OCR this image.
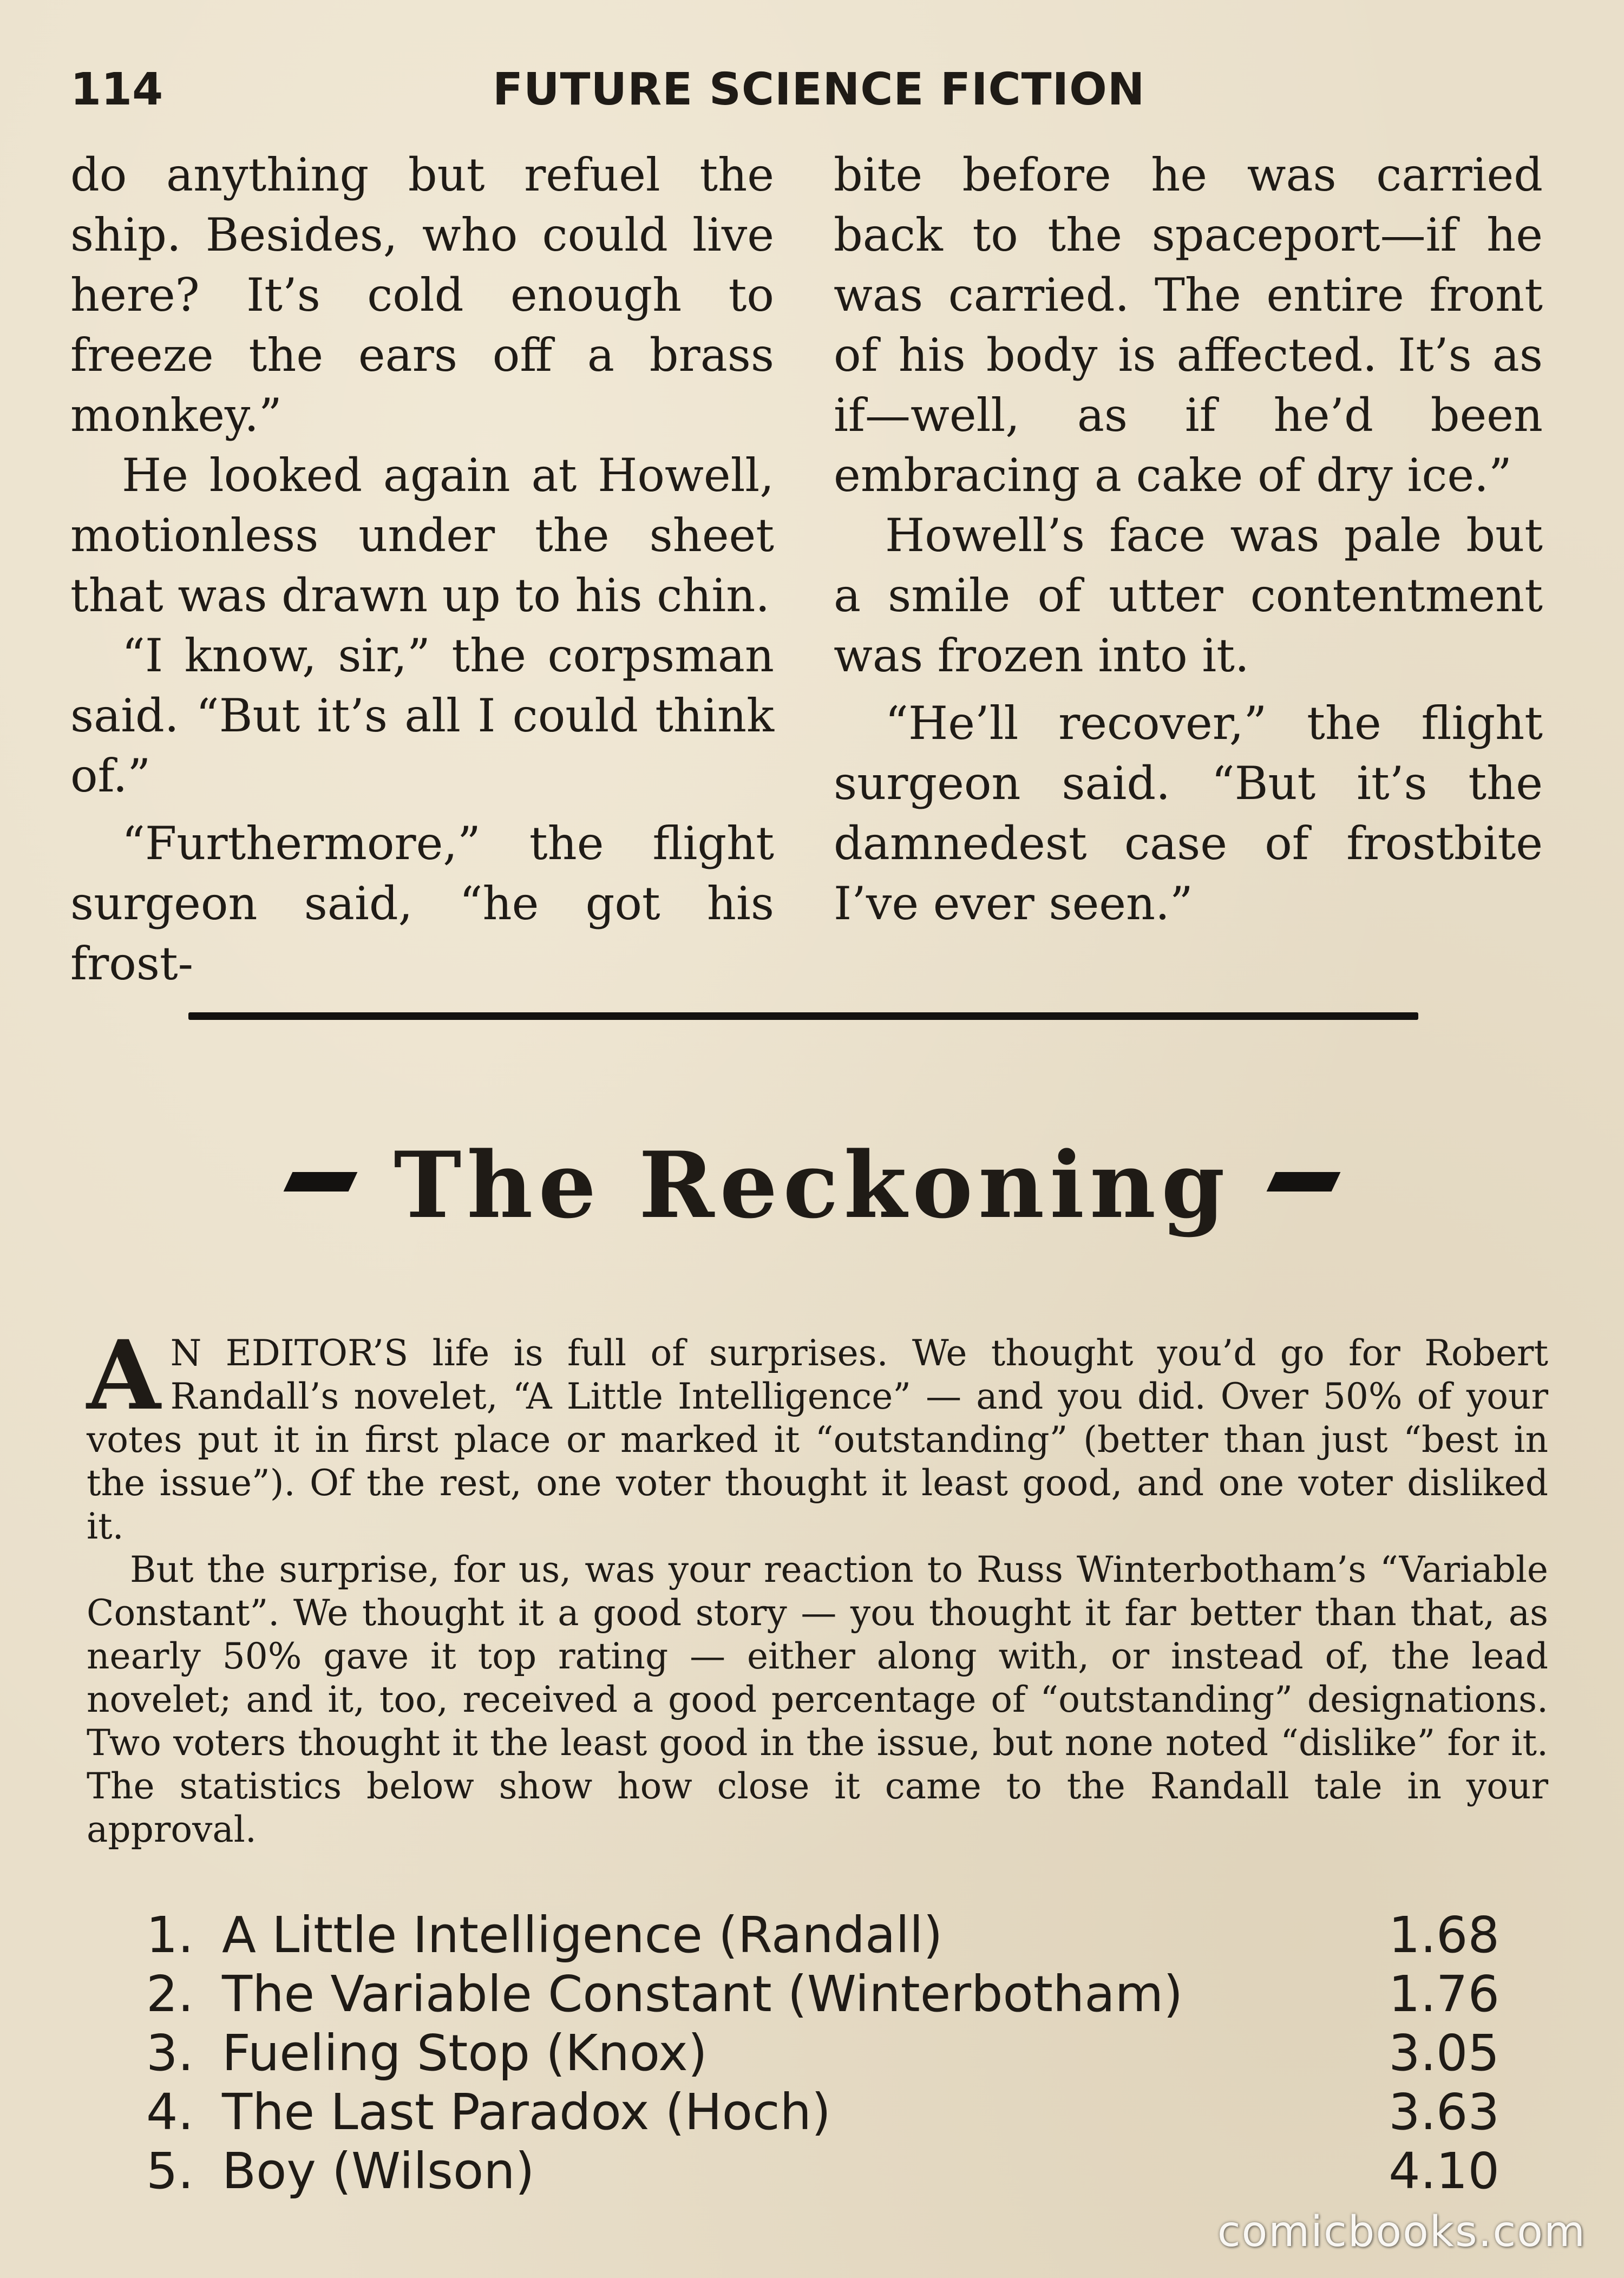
114	FUTURE SCIENCE FICTION

do anything but refuel the ship. Besides, who could live here? It’s cold enough to freeze the ears off a brass monkey.”

He looked again at Howell, motionless under the sheet that was drawn up to his chin.

“I know, sir,” the corpsman said. “But it’s all I could think of.”

“Furthermore,” the flight surgeon said, “he got his frost-

bite before he was carried back to the spaceport—if he was carried. The entire front of his body is affected. It’s as if—well, as if he’d been embracing a cake of dry ice.”

Howell’s face was pale but a smile of utter contentment was frozen into it.

“He’ll recover,” the flight surgeon said. “But it’s the damnedest case of frostbite I’ve ever seen.”

The Reckoning

A N EDITOR’S life is full of surprises. We thought you’d go for Robert Randall’s novelet, “A Little Intelligence” — and you did. Over 50% of your votes put it in first place or marked it “outstanding” (better than just “best in the issue”). Of the rest, one voter thought it least good, and one voter disliked it.

But the surprise, for us, was your reaction to Russ Winterbotham’s “Variable Constant”. We thought it a good story — you thought it far better than that, as nearly 50% gave it top rating — either along with, or instead of, the lead novelet; and it, too, received a good percentage of “outstanding” designations. Two voters thought it the least good in the issue, but none noted “dislike” for it. The statistics below show how close it came to the Randall tale in your approval.

1. A Little Intelligence (Randall)	1.68
2. The Variable Constant (Winterbotham)	1.76
3. Fueling Stop (Knox)	3.05
4. The Last Paradox (Hoch)	3.63
5. Boy (Wilson)	4.10
comicbooks.com
